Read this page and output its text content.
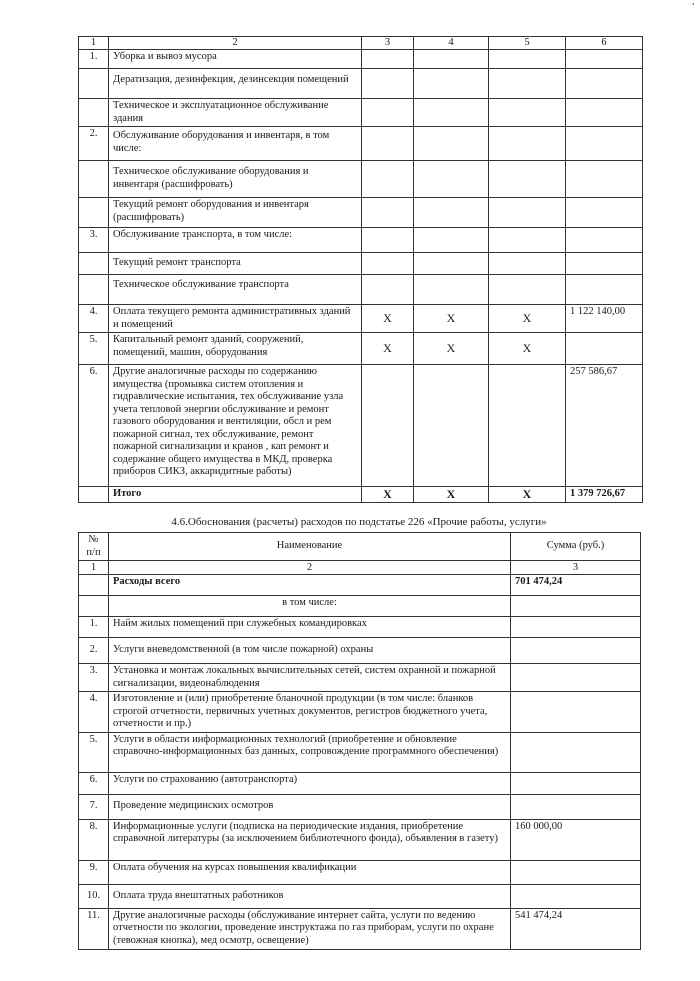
'
1	2	3	4	5	6
1.	Уборка и вывоз мусора				
	Дератизация, дезинфекция, дезинсекция помещений				
	Техническое и эксплуатационное обслуживание здания				
2.	Обслуживание оборудования и инвентаря, в том числе:				
	Техническое обслуживание оборудования и инвентаря (расшифровать)				
	Текущий ремонт оборудования и инвентаря (расшифровать)				
3.	Обслуживание транспорта, в том числе:				
	Текущий ремонт транспорта				
	Техническое обслуживание транспорта				
4.	Оплата текущего ремонта административных зданий и помещений	X	X	X	1 122 140,00
5.	Капитальный ремонт зданий, сооружений, помещений, машин, оборудования	X	X	X	
6.	Другие аналогичные расходы по содержанию имущества (промывка систем отопления и гидравлические испытания, тех обслуживание узла учета тепловой энергии обслуживание и ремонт газового оборудования и вентиляции, обсл и рем пожарной сигнал, тех обслуживание, ремонт пожарной сигнализации и кранов , кап ремонт и содержание общего имущества в МКД, проверка приборов СИКЗ, аккаридитные работы)				257 586,67
	Итого	X	X	X	1 379 726,67
4.6.Обоснования (расчеты) расходов по подстатье 226 «Прочие работы, услуги»
№ п/п	Наименование	Сумма (руб.)
1	2	3
	Расходы всего	701 474,24
	в том числе:	
1.	Найм жилых помещений при служебных командировках	
2.	Услуги вневедомственной (в том числе пожарной) охраны	
3.	Установка и монтаж локальных вычислительных сетей, систем охранной и пожарной сигнализации, видеонаблюдения	
4.	Изготовление и (или) приобретение бланочной продукции (в том числе: бланков строгой отчетности, первичных учетных документов, регистров бюджетного учета, отчетности и пр.)	
5.	Услуги в области информационных технологий (приобретение и обновление справочно-информационных баз данных, сопровождение программного обеспечения)	
6.	Услуги по страхованию (автотранспорта)	
7.	Проведение медицинских осмотров	
8.	Информационные услуги (подписка на периодические издания, приобретение справочной литературы (за исключением библиотечного фонда), объявления в газету)	160 000,00
9.	Оплата обучения на курсах повышения квалификации	
10.	Оплата труда внештатных работников	
11.	Другие аналогичные расходы (обслуживание интернет сайта, услуги по ведению отчетности по экологии, проведение инструктажа по газ приборам, услуги по охране (тевожная кнопка), мед осмотр, освещение)	541 474,24
